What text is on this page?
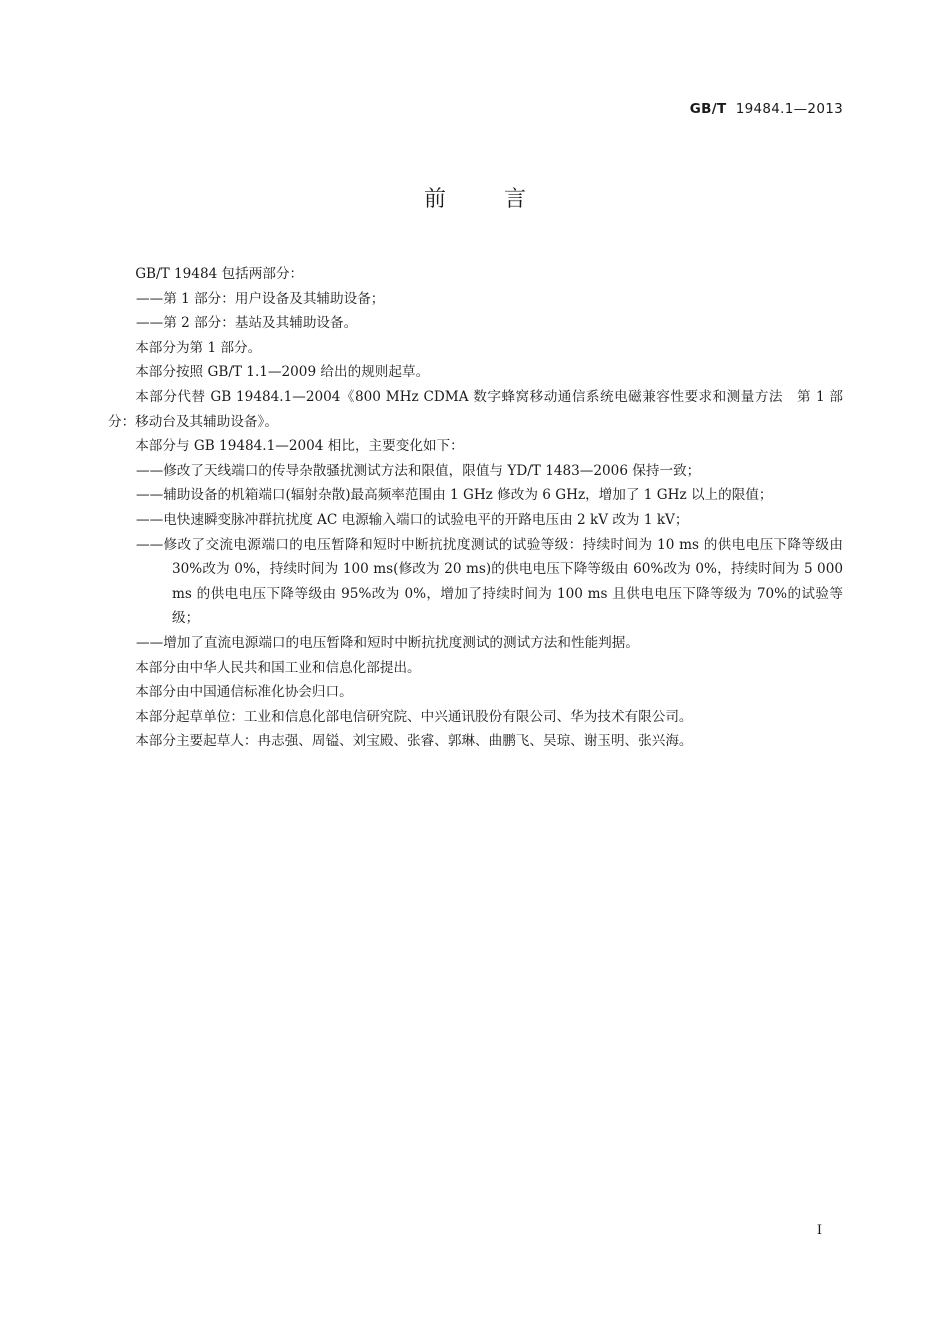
GB/T 19484.1—2013
前	言

GB/T 19484 包括两部分：

——第 1 部分：用户设备及其辅助设备；

——第 2 部分：基站及其辅助设备。

本部分为第 1 部分。

本部分按照 GB/T 1.1—2009 给出的规则起草。

本部分代替 GB 19484.1—2004《800 MHz CDMA 数字蜂窝移动通信系统电磁兼容性要求和测量方法　第 1 部分：移动台及其辅助设备》。

本部分与 GB 19484.1—2004 相比，主要变化如下：

——修改了天线端口的传导杂散骚扰测试方法和限值，限值与 YD/T 1483—2006 保持一致；

——辅助设备的机箱端口(辐射杂散)最高频率范围由 1 GHz 修改为 6 GHz，增加了 1 GHz 以上的限值；

——电快速瞬变脉冲群抗扰度 AC 电源输入端口的试验电平的开路电压由 2 kV 改为 1 kV；

——修改了交流电源端口的电压暂降和短时中断抗扰度测试的试验等级：持续时间为 10 ms 的供电电压下降等级由 30%改为 0%，持续时间为 100 ms(修改为 20 ms)的供电电压下降等级由 60%改为 0%，持续时间为 5 000 ms 的供电电压下降等级由 95%改为 0%，增加了持续时间为 100 ms 且供电电压下降等级为 70%的试验等级；

——增加了直流电源端口的电压暂降和短时中断抗扰度测试的测试方法和性能判据。

本部分由中华人民共和国工业和信息化部提出。

本部分由中国通信标准化协会归口。

本部分起草单位：工业和信息化部电信研究院、中兴通讯股份有限公司、华为技术有限公司。

本部分主要起草人：冉志强、周镒、刘宝殿、张睿、郭琳、曲鹏飞、吴琼、谢玉明、张兴海。

I
